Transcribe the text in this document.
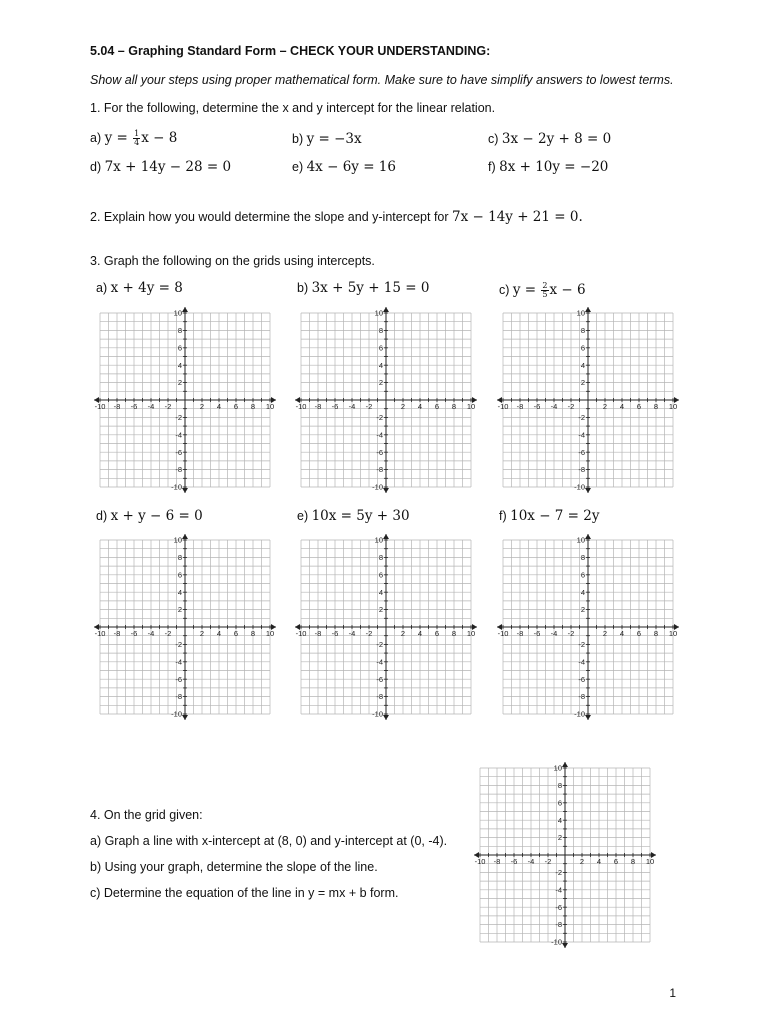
5.04 – Graphing Standard Form – CHECK YOUR UNDERSTANDING:
Show all your steps using proper mathematical form. Make sure to have simplify answers to lowest terms.
1. For the following, determine the x and y intercept for the linear relation.
a) $y = \frac{1}{4}$ x − 8	b) y = −3x	c) 3x − 2y + 8 = 0
d) 7x + 14y − 28 = 0	e) 4x − 6y = 16	f) 8x + 10y = −20
2. Explain how you would determine the slope and y-intercept for 7x − 14y + 21 = 0.
3. Graph the following on the grids using intercepts.
a) x + 4y = 8	b) 3x + 5y + 15 = 0	c) $y = \frac{2}{5}$ x − 6
d) x + y − 6 = 0	e) 10x = 5y + 30	f) 10x − 7 = 2y
-10 -8 -6 -4 -2	2 4 6 8 10
10
8
6
4
2
-2
-4
-6
-8
-10
-10 -8 -6 -4 -2	2 4 6 8 10
10
8
6
4
2
-2
-4
-6
-8
-10
-10 -8 -6 -4 -2	2 4 6 8 10
10
8
6
4
2
-2
-4
-6
-8
-10
-10 -8 -6 -4 -2	2 4 6 8 10
10
8
6
4
2
-2
-4
-6
-8
-10
-10 -8 -6 -4 -2	2 4 6 8 10
10
8
6
4
2
-2
-4
-6
-8
-10
-10 -8 -6 -4 -2	2 4 6 8 10
10
8
6
4
2
-2
-4
-6
-8
-10
-10 -8 -6 -4 -2	2 4 6 8 10
10
8
6
4
2
-2
-4
-6
-8
-10
4. On the grid given:
a) Graph a line with x-intercept at (8, 0) and y-intercept at (0, -4).
b) Using your graph, determine the slope of the line.
c) Determine the equation of the line in y = mx + b form.
1
